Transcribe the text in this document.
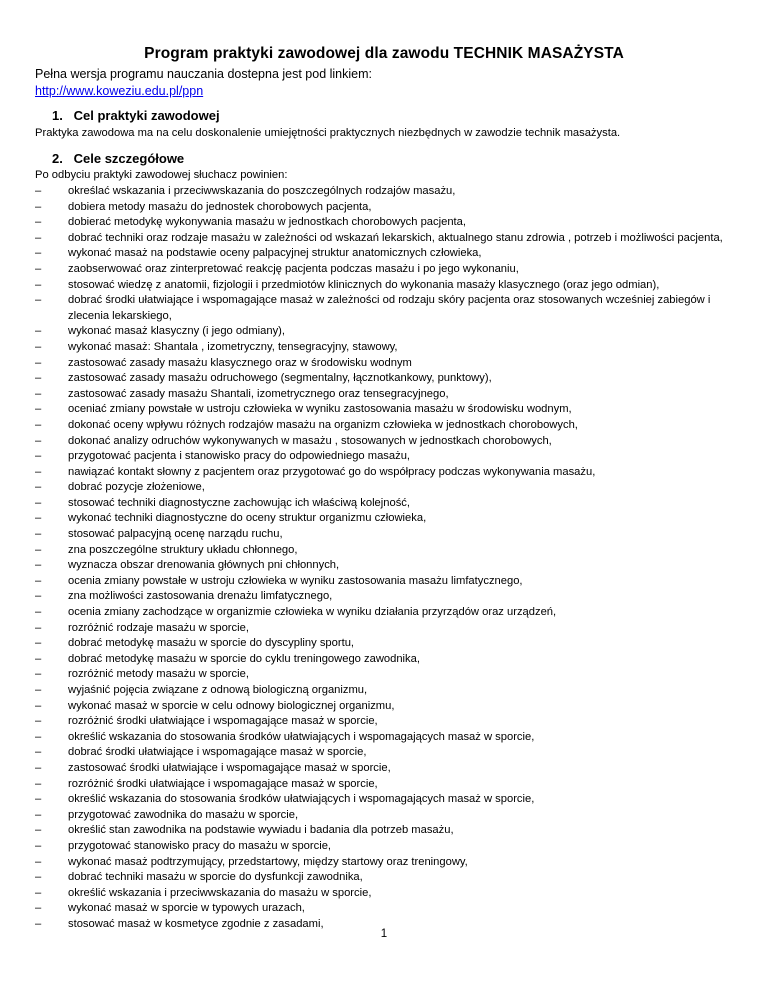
Program praktyki zawodowej dla zawodu TECHNIK MASAŻYSTA
Pełna wersja programu nauczania dostepna jest pod linkiem:
http://www.koweziu.edu.pl/ppn
1. Cel praktyki zawodowej
Praktyka zawodowa ma na celu doskonalenie umiejętności praktycznych niezbędnych w zawodzie technik masażysta.
2. Cele szczegółowe
Po odbyciu praktyki zawodowej słuchacz powinien:
– określać wskazania i przeciwwskazania do poszczególnych rodzajów masażu,
– dobiera metody masażu do jednostek chorobowych pacjenta,
– dobierać metodykę wykonywania masażu w jednostkach chorobowych pacjenta,
– dobrać techniki oraz rodzaje masażu w zależności od wskazań lekarskich, aktualnego stanu zdrowia , potrzeb i możliwości pacjenta,
– wykonać masaż na podstawie oceny palpacyjnej struktur anatomicznych człowieka,
– zaobserwować oraz zinterpretować reakcję pacjenta podczas masażu i po jego wykonaniu,
– stosować wiedzę z anatomii, fizjologii i przedmiotów klinicznych do wykonania masaży klasycznego (oraz jego odmian),
– dobrać środki ułatwiające i wspomagające masaż w zależności od rodzaju skóry pacjenta oraz stosowanych wcześniej zabiegów i zlecenia lekarskiego,
– wykonać masaż klasyczny (i jego odmiany),
– wykonać masaż: Shantala , izometryczny, tensegracyjny, stawowy,
– zastosować zasady masażu klasycznego oraz w środowisku wodnym
– zastosować zasady masażu odruchowego (segmentalny, łącznotkankowy, punktowy),
– zastosować zasady masażu Shantali, izometrycznego oraz tensegracyjnego,
– oceniać zmiany powstałe w ustroju człowieka w wyniku zastosowania masażu w środowisku wodnym,
– dokonać oceny wpływu różnych rodzajów masażu na organizm człowieka w jednostkach chorobowych,
– dokonać analizy odruchów wykonywanych w masażu , stosowanych w jednostkach chorobowych,
– przygotować pacjenta i stanowisko pracy do odpowiedniego masażu,
– nawiązać kontakt słowny z pacjentem oraz przygotować go do współpracy podczas wykonywania masażu,
– dobrać pozycje złożeniowe,
– stosować techniki diagnostyczne zachowując ich właściwą kolejność,
– wykonać techniki diagnostyczne do oceny struktur organizmu człowieka,
– stosować palpacyjną ocenę narządu ruchu,
– zna poszczególne struktury układu chłonnego,
– wyznacza obszar drenowania głównych pni chłonnych,
– ocenia zmiany powstałe w ustroju człowieka w wyniku zastosowania masażu limfatycznego,
– zna możliwości zastosowania drenażu limfatycznego,
– ocenia zmiany zachodzące w organizmie człowieka w wyniku działania przyrządów oraz urządzeń,
– rozróżnić rodzaje masażu w sporcie,
– dobrać metodykę masażu w sporcie do dyscypliny sportu,
– dobrać metodykę masażu w sporcie do cyklu treningowego zawodnika,
– rozróżnić metody masażu w sporcie,
– wyjaśnić pojęcia związane z odnową biologiczną organizmu,
– wykonać masaż w sporcie w celu odnowy biologicznej organizmu,
– rozróżnić środki ułatwiające i wspomagające masaż w sporcie,
– określić wskazania do stosowania środków ułatwiających i wspomagających masaż w sporcie,
– dobrać środki ułatwiające i wspomagające masaż w sporcie,
– zastosować środki ułatwiające i wspomagające masaż w sporcie,
– rozróżnić środki ułatwiające i wspomagające masaż w sporcie,
– określić wskazania do stosowania środków ułatwiających i wspomagających masaż w sporcie,
– przygotować zawodnika do masażu w sporcie,
– określić stan zawodnika na podstawie wywiadu i badania dla potrzeb masażu,
– przygotować stanowisko pracy do masażu w sporcie,
– wykonać masaż podtrzymujący, przedstartowy, między startowy oraz treningowy,
– dobrać techniki masażu w sporcie do dysfunkcji zawodnika,
– określić wskazania i przeciwwskazania do masażu w sporcie,
– wykonać masaż w sporcie w typowych urazach,
– stosować masaż w kosmetyce zgodnie z zasadami,
1
